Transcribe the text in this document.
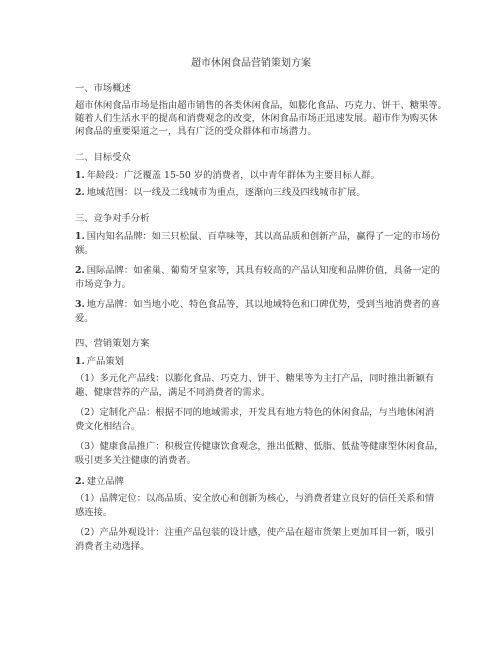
超市休闲食品营销策划方案
一、市场概述
超市休闲食品市场是指由超市销售的各类休闲食品，如膨化食品、巧克力、饼干、糖果等。
随着人们生活水平的提高和消费观念的改变，休闲食品市场正迅速发展。超市作为购买休
闲食品的重要渠道之一，具有广泛的受众群体和市场潜力。
二、目标受众
1. 年龄段：广泛覆盖 15-50 岁的消费者，以中青年群体为主要目标人群。
2. 地域范围：以一线及二线城市为重点，逐渐向三线及四线城市扩展。
三、竞争对手分析
1. 国内知名品牌：如三只松鼠、百草味等，其以高品质和创新产品，赢得了一定的市场份
额。
2. 国际品牌：如雀巢、葡萄牙皇家等，其具有较高的产品认知度和品牌价值，具备一定的
市场竞争力。
3. 地方品牌：如当地小吃、特色食品等，其以地域特色和口碑优势，受到当地消费者的喜
爱。
四、营销策划方案
1. 产品策划
（1）多元化产品线：以膨化食品、巧克力、饼干、糖果等为主打产品，同时推出新颖有
趣、健康营养的产品，满足不同消费者的需求。
（2）定制化产品：根据不同的地域需求，开发具有地方特色的休闲食品，与当地休闲消
费文化相结合。
（3）健康食品推广：积极宣传健康饮食观念，推出低糖、低脂、低盐等健康型休闲食品，
吸引更多关注健康的消费者。
2. 建立品牌
（1）品牌定位：以高品质、安全放心和创新为核心，与消费者建立良好的信任关系和情
感连接。
（2）产品外观设计：注重产品包装的设计感，使产品在超市货架上更加耳目一新，吸引
消费者主动选择。
